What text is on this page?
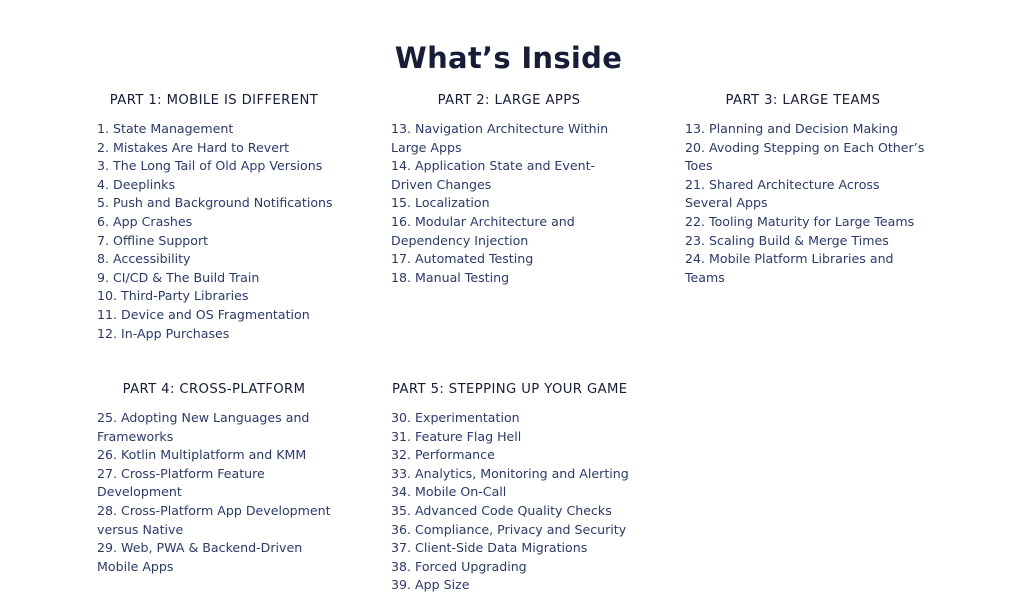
What’s Inside
PART 1: MOBILE IS DIFFERENT
1. State Management
2. Mistakes Are Hard to Revert
3. The Long Tail of Old App Versions
4. Deeplinks
5. Push and Background Notifications
6. App Crashes
7. Offline Support
8. Accessibility
9. CI/CD & The Build Train
10. Third-Party Libraries
11. Device and OS Fragmentation
12. In-App Purchases
PART 2: LARGE APPS
13. Navigation Architecture Within
Large Apps
14. Application State and Event-
Driven Changes
15. Localization
16. Modular Architecture and
Dependency Injection
17. Automated Testing
18. Manual Testing
PART 3: LARGE TEAMS
13. Planning and Decision Making
20. Avoding Stepping on Each Other’s
Toes
21. Shared Architecture Across
Several Apps
22. Tooling Maturity for Large Teams
23. Scaling Build & Merge Times
24. Mobile Platform Libraries and
Teams
PART 4: CROSS-PLATFORM
25. Adopting New Languages and
Frameworks
26. Kotlin Multiplatform and KMM
27. Cross-Platform Feature
Development
28. Cross-Platform App Development
versus Native
29. Web, PWA & Backend-Driven
Mobile Apps
PART 5: STEPPING UP YOUR GAME
30. Experimentation
31. Feature Flag Hell
32. Performance
33. Analytics, Monitoring and Alerting
34. Mobile On-Call
35. Advanced Code Quality Checks
36. Compliance, Privacy and Security
37. Client-Side Data Migrations
38. Forced Upgrading
39. App Size
